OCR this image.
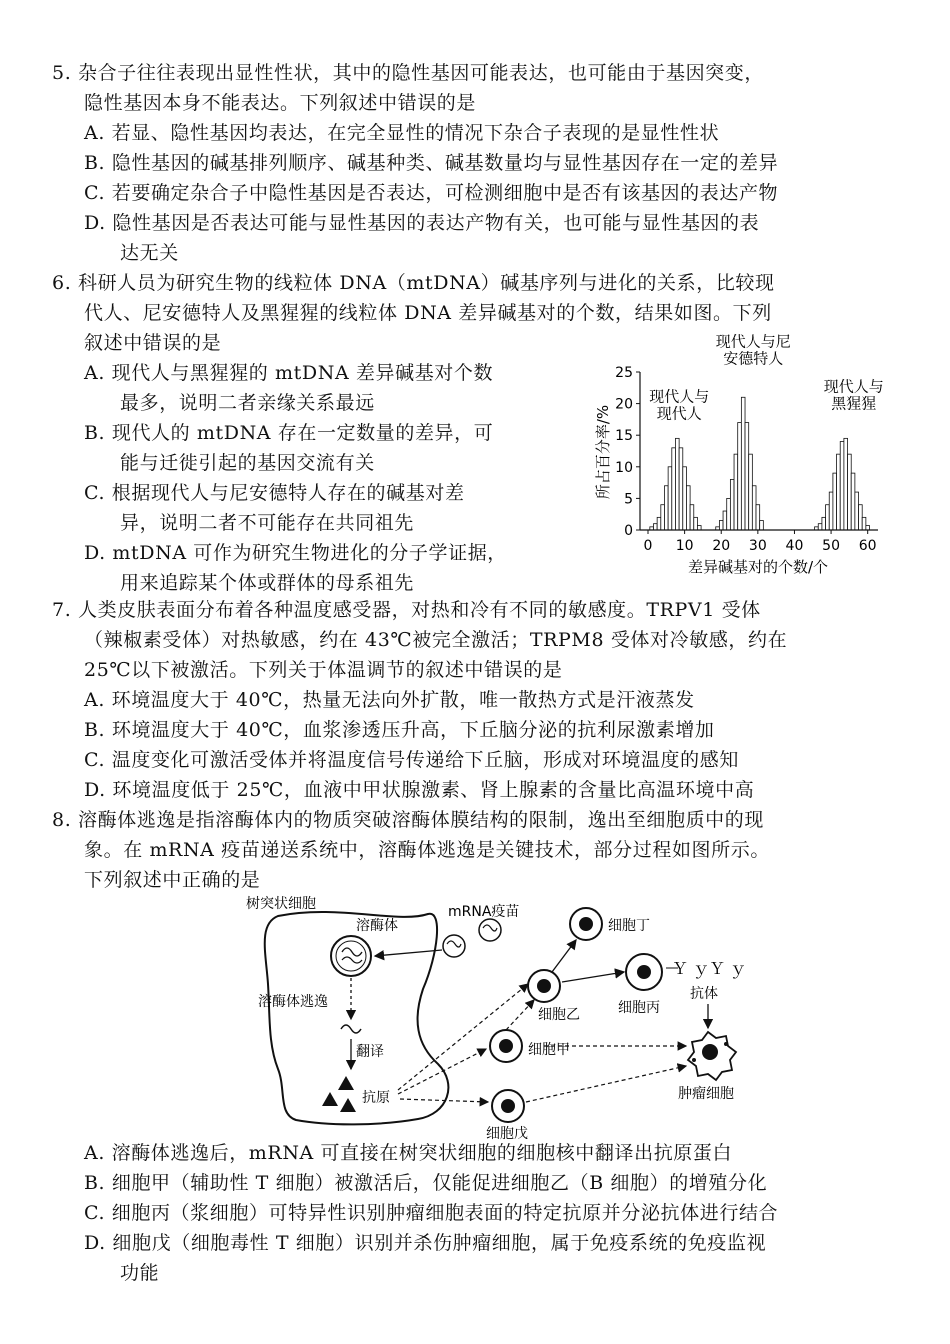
5. 杂合子往往表现出显性性状，其中的隐性基因可能表达，也可能由于基因突变，
隐性基因本身不能表达。下列叙述中错误的是
A. 若显、隐性基因均表达，在完全显性的情况下杂合子表现的是显性性状
B. 隐性基因的碱基排列顺序、碱基种类、碱基数量均与显性基因存在一定的差异
C. 若要确定杂合子中隐性基因是否表达，可检测细胞中是否有该基因的表达产物
D. 隐性基因是否表达可能与显性基因的表达产物有关，也可能与显性基因的表
达无关
6. 科研人员为研究生物的线粒体 DNA（mtDNA）碱基序列与进化的关系，比较现
代人、尼安德特人及黑猩猩的线粒体 DNA 差异碱基对的个数，结果如图。下列
叙述中错误的是
A. 现代人与黑猩猩的 mtDNA 差异碱基对个数
最多，说明二者亲缘关系最远
B. 现代人的 mtDNA 存在一定数量的差异，可
能与迁徙引起的基因交流有关
C. 根据现代人与尼安德特人存在的碱基对差
异，说明二者不可能存在共同祖先
D. mtDNA 可作为研究生物进化的分子学证据，
用来追踪某个体或群体的母系祖先
0
5
10
15
20
25
0 10 20 30 40 50 60
所占百分率/%
差异碱基对的个数/个
现代人与
现代人
现代人与尼
安德特人
现代人与
黑猩猩
7. 人类皮肤表面分布着各种温度感受器，对热和冷有不同的敏感度。TRPV1 受体
（辣椒素受体）对热敏感，约在 43℃被完全激活；TRPM8 受体对冷敏感，约在
25℃以下被激活。下列关于体温调节的叙述中错误的是
A. 环境温度大于 40℃，热量无法向外扩散，唯一散热方式是汗液蒸发
B. 环境温度大于 40℃，血浆渗透压升高，下丘脑分泌的抗利尿激素增加
C. 温度变化可激活受体并将温度信号传递给下丘脑，形成对环境温度的感知
D. 环境温度低于 25℃，血液中甲状腺激素、肾上腺素的含量比高温环境中高
8. 溶酶体逃逸是指溶酶体内的物质突破溶酶体膜结构的限制，逸出至细胞质中的现
象。在 mRNA 疫苗递送系统中，溶酶体逃逸是关键技术，部分过程如图所示。
下列叙述中正确的是
树突状细胞
溶酶体
mRNA疫苗
溶酶体逃逸
翻译
抗原
细胞甲
细胞乙
细胞丁
细胞丙
Ｙ ｙＹ ｙ
抗体
肿瘤细胞
细胞戊
A. 溶酶体逃逸后，mRNA 可直接在树突状细胞的细胞核中翻译出抗原蛋白
B. 细胞甲（辅助性 T 细胞）被激活后，仅能促进细胞乙（B 细胞）的增殖分化
C. 细胞丙（浆细胞）可特异性识别肿瘤细胞表面的特定抗原并分泌抗体进行结合
D. 细胞戊（细胞毒性 T 细胞）识别并杀伤肿瘤细胞，属于免疫系统的免疫监视
功能
